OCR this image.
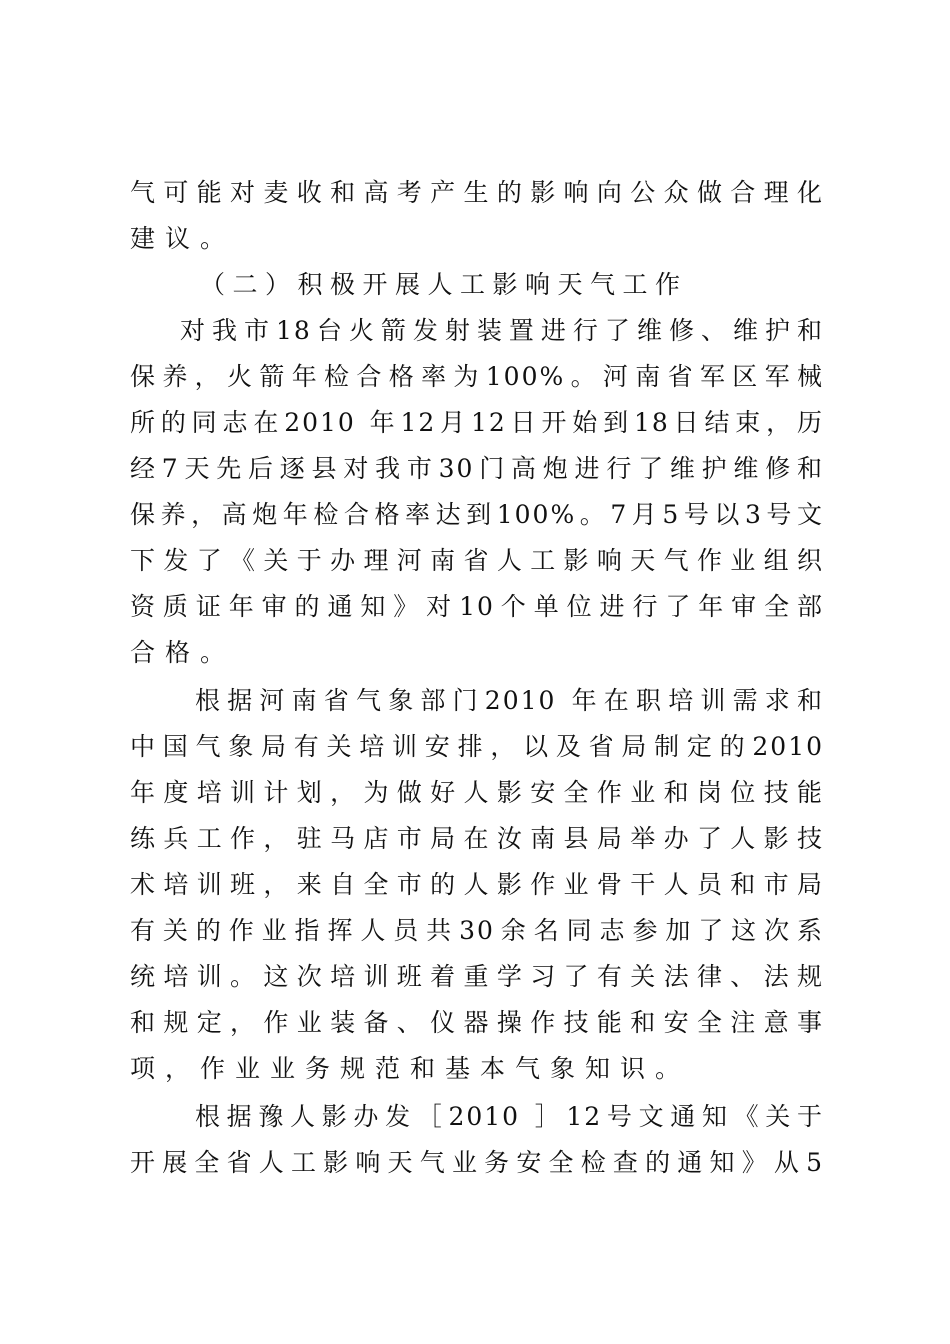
气可能对麦收和高考产生的影响向公众做合理化
建议。
（二）积极开展人工影响天气工作
对我市18台火箭发射装置进行了维修、维护和
保养，火箭年检合格率为100%。河南省军区军械
所的同志在2010 年12月12日开始到18日结束，历
经7天先后逐县对我市30门高炮进行了维护维修和
保养，高炮年检合格率达到100%。7月5号以3号文
下发了《关于办理河南省人工影响天气作业组织
资质证年审的通知》对10个单位进行了年审全部
合格。
根据河南省气象部门2010 年在职培训需求和
中国气象局有关培训安排，以及省局制定的2010
年度培训计划，为做好人影安全作业和岗位技能
练兵工作，驻马店市局在汝南县局举办了人影技
术培训班，来自全市的人影作业骨干人员和市局
有关的作业指挥人员共30余名同志参加了这次系
统培训。这次培训班着重学习了有关法律、法规
和规定，作业装备、仪器操作技能和安全注意事
项，作业业务规范和基本气象知识。
根据豫人影办发［2010 ］12号文通知《关于
开展全省人工影响天气业务安全检查的通知》从5
